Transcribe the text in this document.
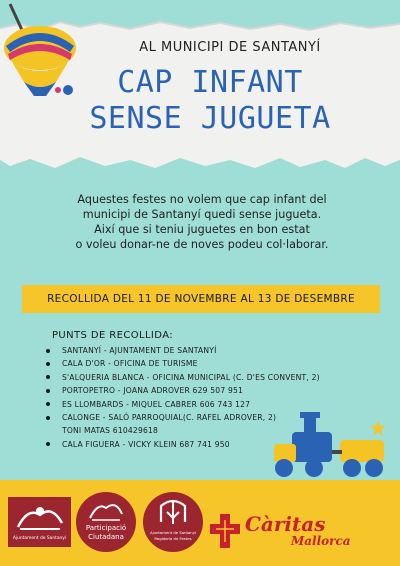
AL MUNICIPI DE SANTANYÍ
CAP INFANT
SENSE JUGUETA
Aquestes festes no volem que cap infant del
municipi de Santanyí quedi sense jugueta.
Així que si teniu juguetes en bon estat
o voleu donar-ne de noves podeu col·laborar.
RECOLLIDA DEL 11 DE NOVEMBRE AL 13 DE DESEMBRE
PUNTS DE RECOLLIDA:
SANTANYÍ - AJUNTAMENT DE SANTANYÍ
CALA D'OR - OFICINA DE TURISME
S'ALQUERIA BLANCA - OFICINA MUNICIPAL (C. D'ES CONVENT, 2)
PORTOPETRO - JOANA ADROVER 629 507 951
ES LLOMBARDS - MIQUEL CABRER 606 743 127
CALONGE - SALÓ PARROQUIAL(C. RAFEL ADROVER, 2)
TONI MATAS 610429618
CALA FIGUERA - VICKY KLEIN 687 741 950
Ajuntament de Santanyí
Participació
Ciutadana
Ajuntament de Santanyí
Regidoria de Festes
Càritas
Mallorca
